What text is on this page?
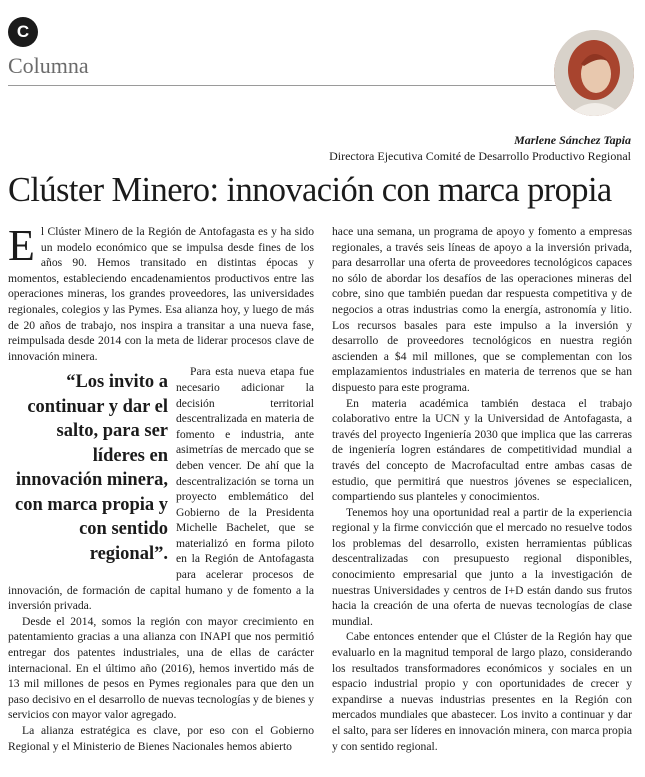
C
Columna
Marlene Sánchez Tapia
Directora Ejecutiva Comité de Desarrollo Productivo Regional
Clúster Minero: innovación con marca propia
E l Clúster Minero de la Región de Antofagasta es y ha sido un modelo económico que se impulsa desde fines de los años 90. Hemos transitado en distintas épocas y momentos, estableciendo encadenamientos productivos entre las operaciones mineras, los grandes proveedores, las universidades regionales, colegios y las Pymes. Esa alianza hoy, y luego de más de 20 años de trabajo, nos inspira a transitar a una nueva fase, reimpulsada desde 2014 con la meta de liderar procesos clave de innovación minera.

“Los invito a continuar y dar el salto, para ser líderes en innovación minera, con marca propia y con sentido regional”.

Para esta nueva etapa fue necesario adicionar la decisión territorial descentralizada en materia de fomento e industria, ante asimetrías de mercado que se deben vencer. De ahí que la descentralización se torna un proyecto emblemático del Gobierno de la Presidenta Michelle Bachelet, que se materializó en forma piloto en la Región de Antofagasta para acelerar procesos de innovación, de formación de capital humano y de fomento a la inversión privada.

Desde el 2014, somos la región con mayor crecimiento en patentamiento gracias a una alianza con INAPI que nos permitió entregar dos patentes industriales, una de ellas de carácter internacional. En el último año (2016), hemos invertido más de 13 mil millones de pesos en Pymes regionales para que den un paso decisivo en el desarrollo de nuevas tecnologías y de bienes y servicios con mayor valor agregado.

La alianza estratégica es clave, por eso con el Gobierno Regional y el Ministerio de Bienes Nacionales hemos abierto

hace una semana, un programa de apoyo y fomento a empresas regionales, a través seis líneas de apoyo a la inversión privada, para desarrollar una oferta de proveedores tecnológicos capaces no sólo de abordar los desafíos de las operaciones mineras del cobre, sino que también puedan dar respuesta competitiva y de negocios a otras industrias como la energía, astronomía y litio. Los recursos basales para este impulso a la inversión y desarrollo de proveedores tecnológicos en nuestra región ascienden a $4 mil millones, que se complementan con los emplazamientos industriales en materia de terrenos que se han dispuesto para este programa.

En materia académica también destaca el trabajo colaborativo entre la UCN y la Universidad de Antofagasta, a través del proyecto Ingeniería 2030 que implica que las carreras de ingeniería logren estándares de competitividad mundial a través del concepto de Macrofacultad entre ambas casas de estudio, que permitirá que nuestros jóvenes se especialicen, compartiendo sus planteles y conocimientos.

Tenemos hoy una oportunidad real a partir de la experiencia regional y la firme convicción que el mercado no resuelve todos los problemas del desarrollo, existen herramientas públicas descentralizadas con presupuesto regional disponibles, conocimiento empresarial que junto a la investigación de nuestras Universidades y centros de I+D están dando sus frutos hacia la creación de una oferta de nuevas tecnologías de clase mundial.

Cabe entonces entender que el Clúster de la Región hay que evaluarlo en la magnitud temporal de largo plazo, considerando los resultados transformadores económicos y sociales en un espacio industrial propio y con oportunidades de crecer y expandirse a nuevas industrias presentes en la Región con mercados mundiales que abastecer. Los invito a continuar y dar el salto, para ser líderes en innovación minera, con marca propia y con sentido regional.
